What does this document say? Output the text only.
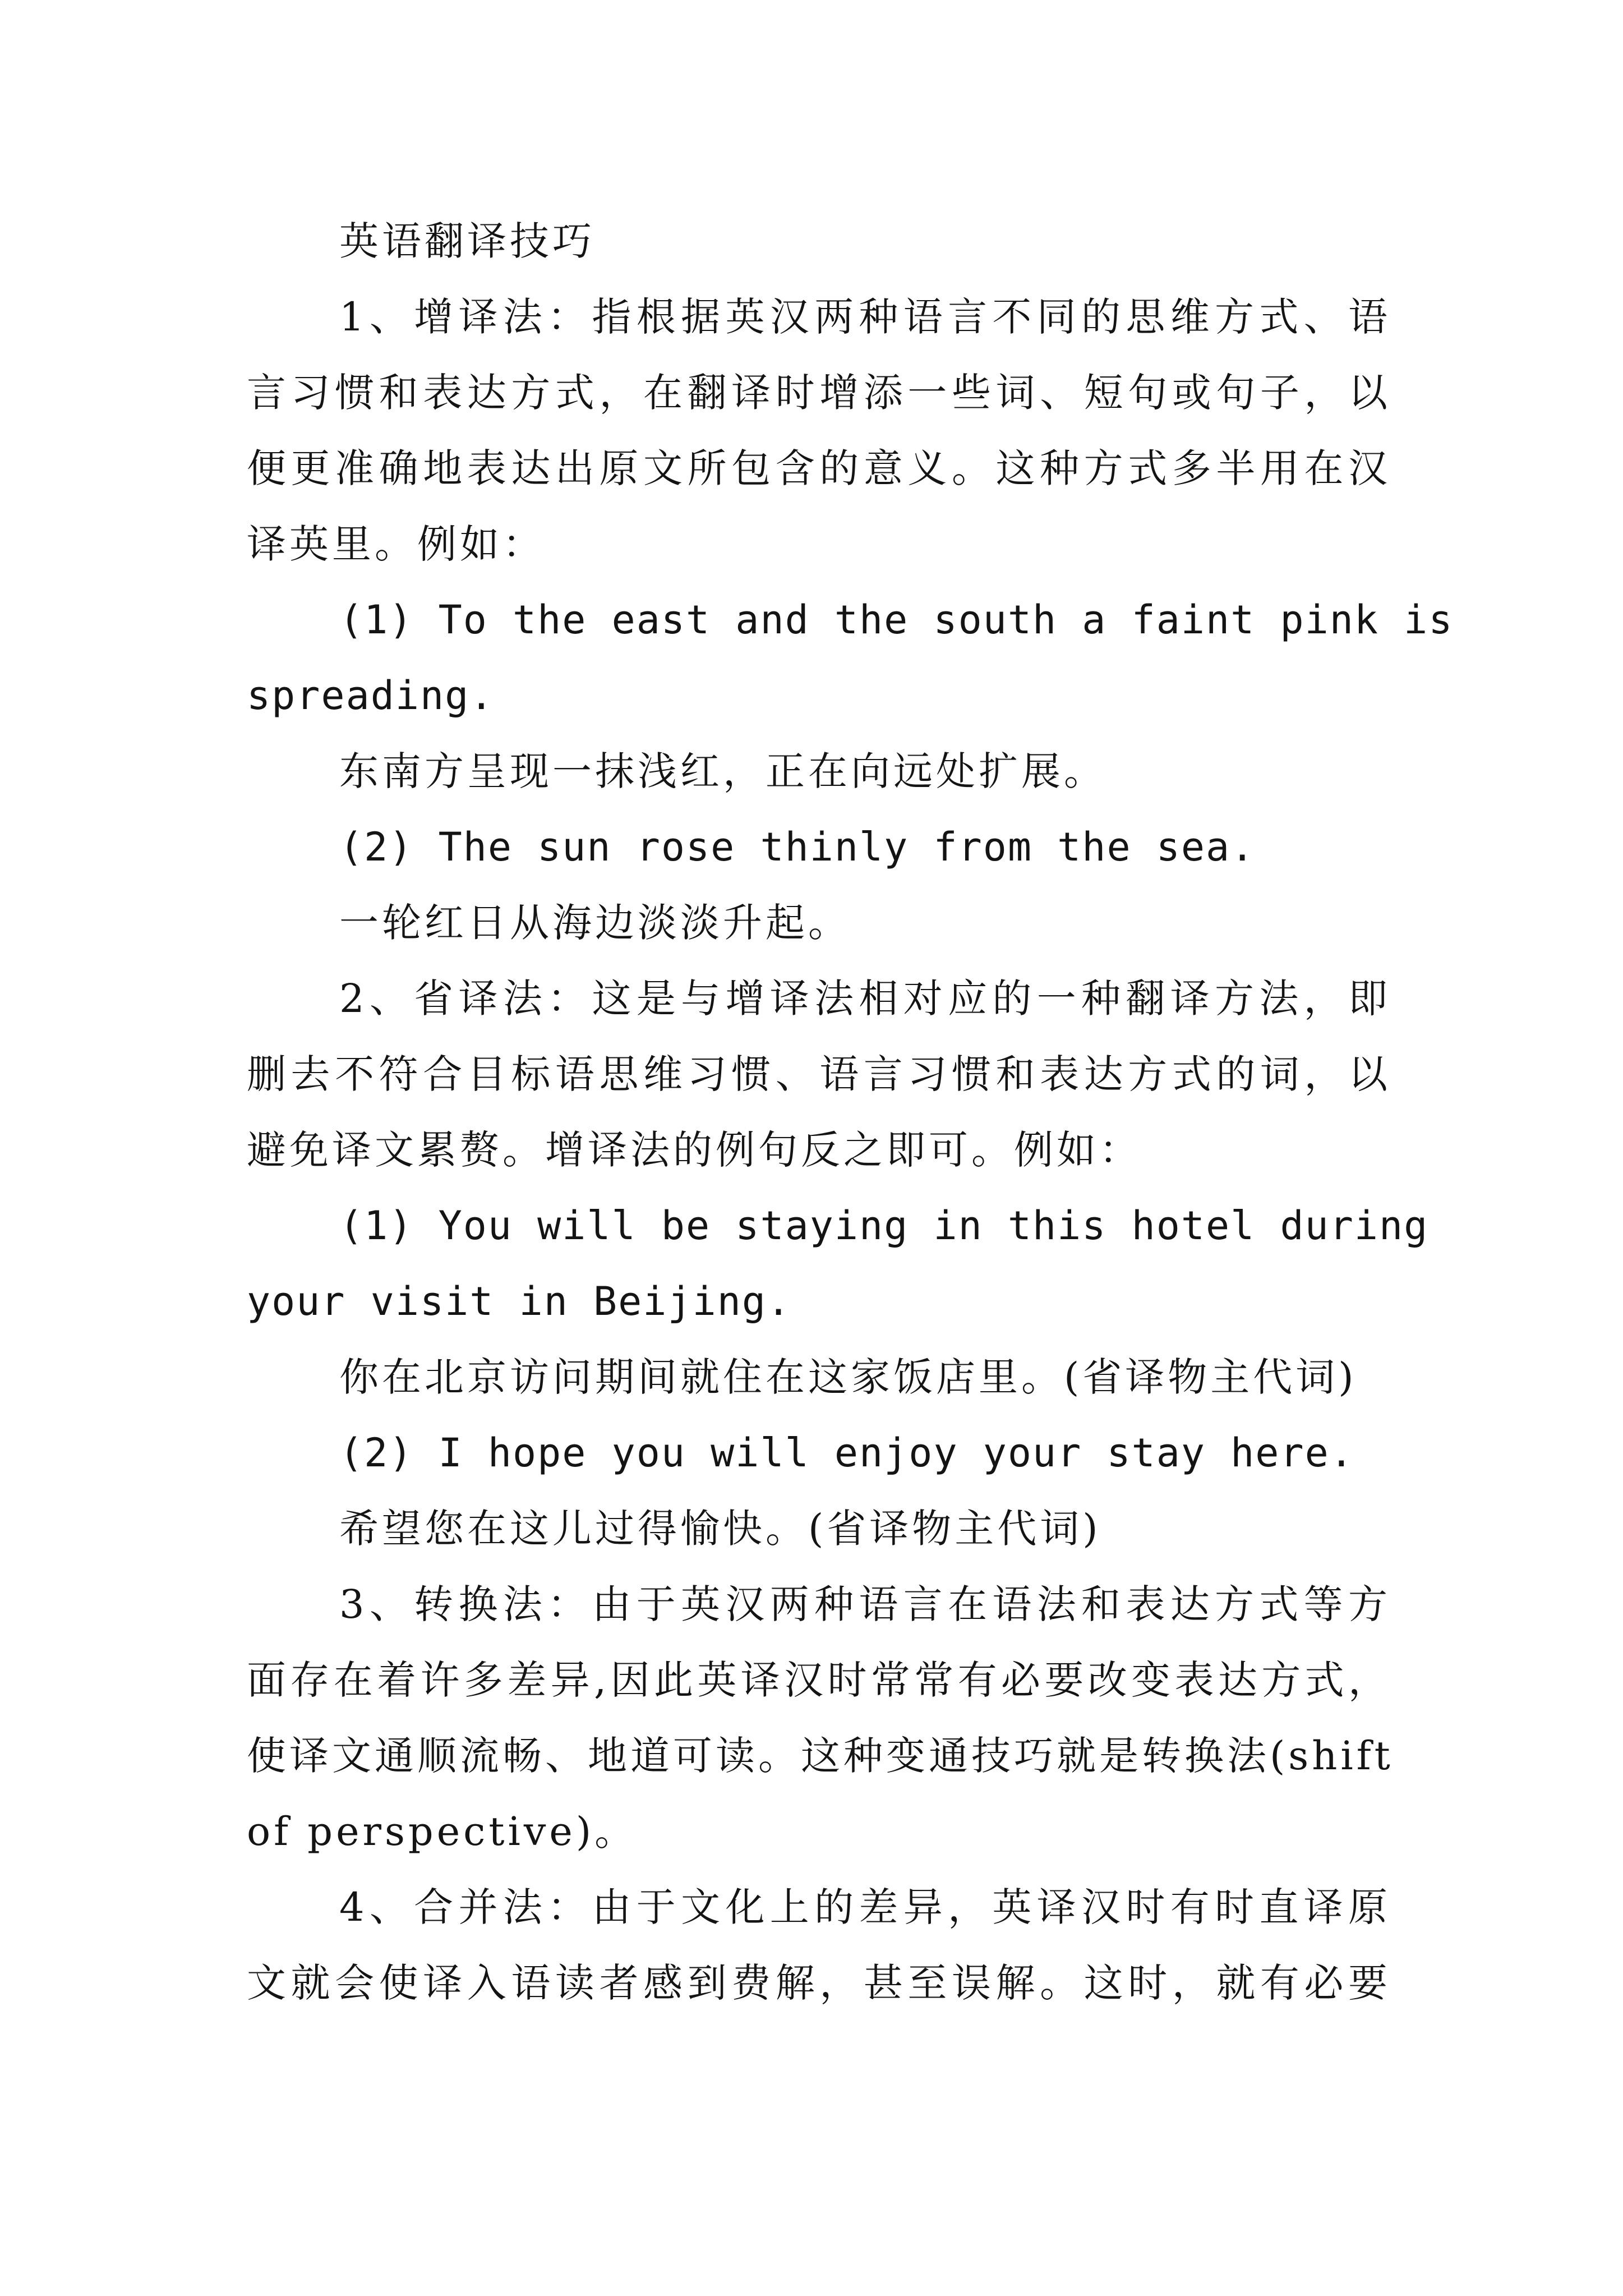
英语翻译技巧
1、增译法：指根据英汉两种语言不同的思维方式、语
言习惯和表达方式，在翻译时增添一些词、短句或句子，以
便更准确地表达出原文所包含的意义。这种方式多半用在汉
译英里。例如：
(1) To the east and the south a faint pink is
spreading.
东南方呈现一抹浅红，正在向远处扩展。
(2) The sun rose thinly from the sea.
一轮红日从海边淡淡升起。
2、省译法：这是与增译法相对应的一种翻译方法，即
删去不符合目标语思维习惯、语言习惯和表达方式的词，以
避免译文累赘。增译法的例句反之即可。例如：
(1) You will be staying in this hotel during
your visit in Beijing.
你在北京访问期间就住在这家饭店里。(省译物主代词)
(2) I hope you will enjoy your stay here.
希望您在这儿过得愉快。(省译物主代词)
3、转换法：由于英汉两种语言在语法和表达方式等方
面存在着许多差异,因此英译汉时常常有必要改变表达方式，
使译文通顺流畅、地道可读。这种变通技巧就是转换法(shift
of perspective)。
4、合并法：由于文化上的差异，英译汉时有时直译原
文就会使译入语读者感到费解，甚至误解。这时，就有必要
